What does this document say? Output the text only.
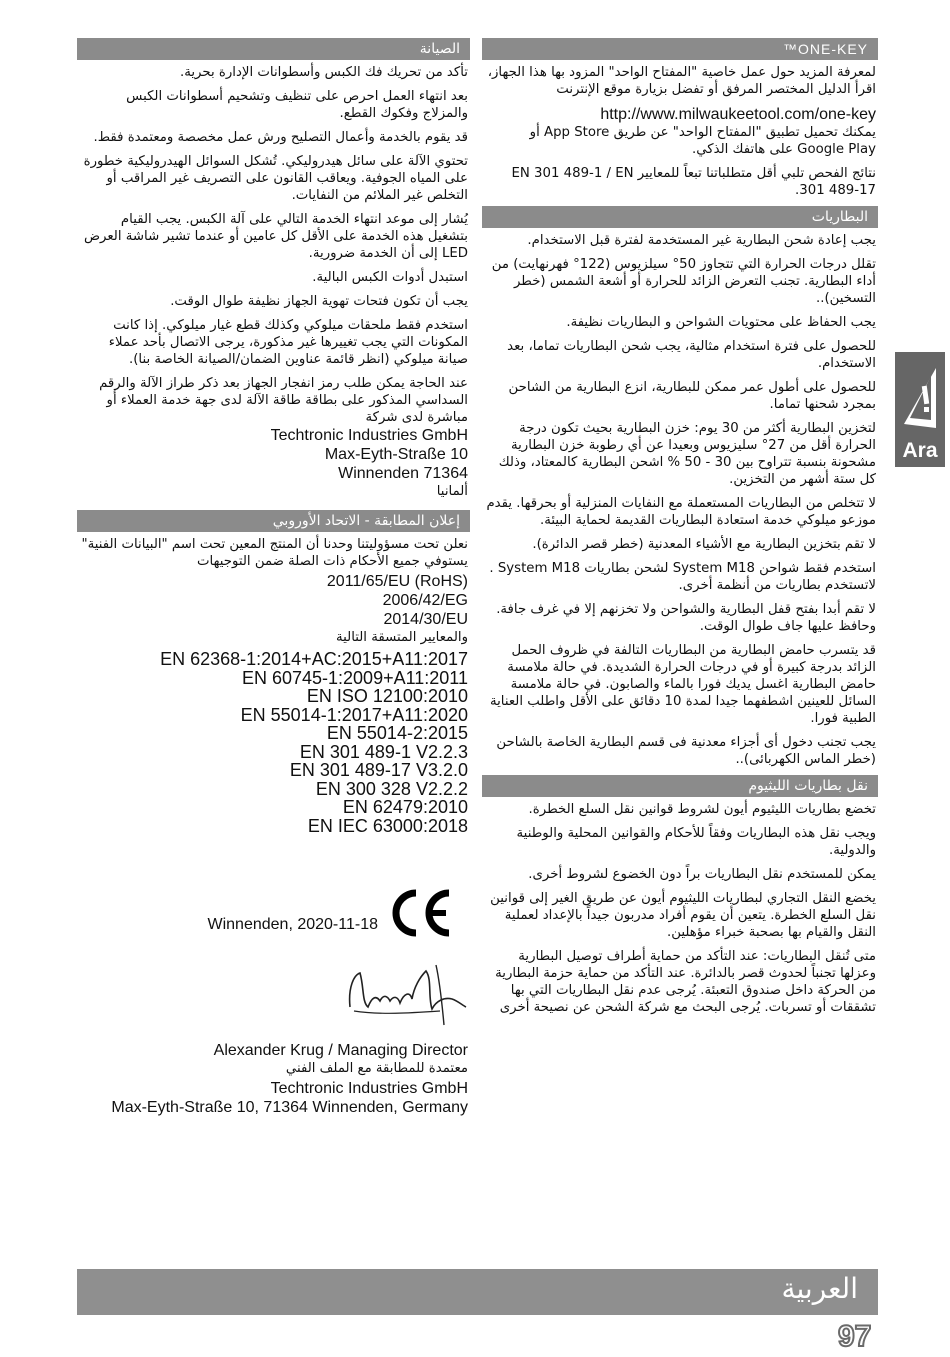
ONE-KEY™
لمعرفة المزيد حول عمل خاصية "المفتاح الواحد" المزود بها هذا الجهاز، اقرأ الدليل المختصر المرفق أو تفضل بزيارة موقع الإنترنت
http://www.milwaukeetool.com/one-key
يمكنك تحميل تطبيق "المفتاح الواحد" عن طريق App Store أو Google Play على هاتفك الذكي.
نتائج الفحص تلبي أقل متطلباتنا تبعاً للمعايير EN 301 489-1 / EN 301 489-17.
البطاريات
يجب إعادة شحن البطارية غير المستخدمة لفترة قبل الاستخدام.
تقلل درجات الحرارة التي تتجاوز 50° سيلزيوس (122° فهرنهايت) من أداء البطارية. تجنب التعرض الزائد للحرارة أو أشعة الشمس (خطر التسخين)..
يجب الحفاظ على محتويات الشواحن و البطاريات نظيفة.
للحصول على فترة استخدام مثالية، يجب شحن البطاريات تماما، بعد الاستخدام.
للحصول على أطول عمر ممكن للبطارية، انزع البطارية من الشاحن بمجرد شحنها تماما.
لتخزين البطارية أكثر من 30 يوم: خزن البطارية بحيث تكون درجة الحرارة أقل من 27° سليزيوس وبعيدا عن أي رطوبة خزن البطارية مشحونة بنسبة تتراوح بين 30 - 50 % اشحن البطارية كالمعتاد، وذلك كل ستة أشهر من التخزين.
لا تتخلص من البطاريات المستعملة مع النفايات المنزلية أو بحرقها. يقدم موزعو ميلوكي خدمة استعادة البطاريات القديمة لحماية البيئة.
لا تقم بتخزين البطارية مع الأشياء المعدنية (خطر قصر الدائرة).
استخدم فقط شواحن System M18 لشحن بطاريات System M18 . لاتستخدم بطاريات من أنظمة أخرى.
لا تقم أبدا بفتح قفل البطارية والشواحن ولا تخزنهم إلا في غرف جافة. وحافظ عليها جاف طوال الوقت.
قد يتسرب حامض البطارية من البطاريات التالفة في ظروف الحمل الزائد بدرجة كبيرة أو في درجات الحرارة الشديدة. في حالة ملامسة حامض البطارية اغسل يديك فورا بالماء والصابون. في حالة ملامسة السائل للعينين اشطفهما جيدا لمدة 10 دقائق على الأقل واطلب العناية الطبية فورا.
يجب تجنب دخول أى أجزاء معدنية فى قسم البطارية الخاصة بالشاحن (خطر الماس الكهربائى)..
نقل بطاريات الليثيوم
تخضع بطاريات الليثيوم أيون لشروط قوانين نقل السلع الخطرة.
ويجب نقل هذه البطاريات وفقاً للأحكام والقوانين المحلية والوطنية والدولية.
يمكن للمستخدم نقل البطاريات براً دون الخضوع لشروط أخرى.
يخضع النقل التجاري لبطاريات الليثيوم أيون عن طريق الغير إلى قوانين نقل السلع الخطرة. يتعين أن يقوم أفراد مدربون جيداً بالإعداد لعملية النقل والقيام بها بصحبة خبراء مؤهلين.
متى تُنقل البطاريات: عند التأكد من حماية أطراف توصيل البطارية وعزلها تجنباً لحدوث قصر بالدائرة. عند التأكد من حماية حزمة البطارية من الحركة داخل صندوق التعبئة. يُرجى عدم نقل البطاريات التي بها تشققات أو تسربات. يُرجى البحث مع شركة الشحن عن نصيحة أخرى
الصيانة
تأكد من تحريك فك الكبس وأسطوانات الإدارة بحرية.
بعد انتهاء العمل احرص على تنظيف وتشحيم أسطوانات الكبس والمزلاج وفكوك القطع.
قد يقوم بالخدمة وأعمال التصليح ورش عمل مخصصة ومعتمدة فقط.
تحتوي الآلة على سائل هيدروليكي. تُشكل السوائل الهيدروليكية خطورة على المياه الجوفية. ويعاقب القانون على التصريف غير المراقب أو التخلص غير الملائم من النفايات.
يُشار إلى موعد انتهاء الخدمة التالي على آلة الكبس. يجب القيام بتشغيل هذه الخدمة على الأقل كل عامين أو عندما تشير شاشة العرض LED إلى أن الخدمة ضرورية.
استبدل أدوات الكبس البالية.
يجب أن تكون فتحات تهوية الجهاز نظيفة طوال الوقت.
استخدم فقط ملحقات ميلوكي وكذلك قطع غيار ميلوكي. إذا كانت المكونات التي يجب تغييرها غير مذكورة، يرجى الاتصال بأحد عملاء صيانة ميلوكي (انظر قائمة عناوين الضمان/الصيانة الخاصة بنا).
عند الحاجة يمكن طلب رمز انفجار الجهاز بعد ذكر طراز الآلة والرقم السداسي المذكور على بطاقة طاقة الآلة لدى جهة خدمة العملاء أو مباشرة لدى شركة
Techtronic Industries GmbH
Max-Eyth-Straße 10
Winnenden 71364
ألمانيا
إعلان المطابقة - الاتحاد الأوروبي
نعلن تحت مسؤوليتنا وحدنا أن المنتج المعين تحت اسم "البيانات الفنية" يستوفي جميع الأحكام ذات الصلة ضمن التوجيهات
2011/65/EU (RoHS)
2006/42/EG
2014/30/EU
والمعايير المتسقة التالية
EN 62368-1:2014+AC:2015+A11:2017
EN 60745-1:2009+A11:2011
EN ISO 12100:2010
EN 55014-1:2017+A11:2020
EN 55014-2:2015
EN 301 489-1 V2.2.3
EN 301 489-17 V3.2.0
EN 300 328 V2.2.2
EN 62479:2010
EN IEC 63000:2018
Winnenden, 2020-11-18
Alexander Krug / Managing Director
معتمدة للمطابقة مع الملف الفني
Techtronic Industries GmbH
Max-Eyth-Straße 10, 71364 Winnenden, Germany
Ara
العربية
97
